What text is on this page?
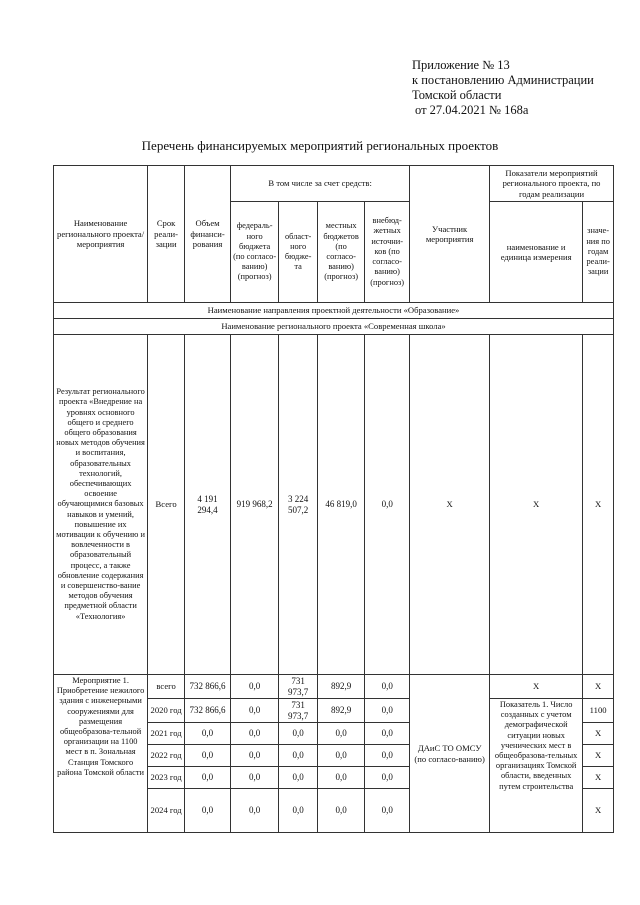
Приложение № 13
к постановлению Администрации
Томской области
от 27.04.2021 № 168а
Перечень финансируемых мероприятий региональных проектов
Наименование регионального проекта/ мероприятия	Срок реали-зации	Объем финанси-рования	В том числе за счет средств:				Участник мероприятия	Показатели мероприятий регионального проекта, по годам реализации	
			федераль-ного бюджета (по согласо-ванию) (прогноз)	област-ного бюдже-та	местных бюджетов (по согласо-ванию) (прогноз)	внебюд-жетных источни-ков (по согласо-ванию) (прогноз)		наименование и единица измерения	значе-ния по годам реали-зации

Наименование направления проектной деятельности «Образование»									
Наименование регионального проекта «Современная школа»									
Результат регионального проекта «Внедрение на уровнях основного общего и среднего общего образования новых методов обучения и воспитания, образовательных технологий, обеспечивающих освоение обучающимися базовых навыков и умений, повышение их мотивации к обучению и вовлеченности в образовательный процесс, а также обновление содержания и совершенство-вание методов обучения предметной области «Технология»	Всего	4 191 294,4	919 968,2	3 224 507,2	46 819,0	0,0	Х	Х	Х
Мероприятие 1. Приобретение нежилого здания с инженерными сооружениями для размещения общеобразова-тельной организации на 1100 мест в п. Зональная Станция Томского района Томской области	всего	732 866,6	0,0	731 973,7	892,9	0,0	ДАиС ТО ОМСУ (по согласо-ванию)	Х	Х
	2020 год	732 866,6	0,0	731 973,7	892,9	0,0		Показатель 1. Число созданных с учетом демографической ситуации новых ученических мест в общеобразова-тельных организациях Томской области, введенных путем строительства	1100
	2021 год	0,0	0,0	0,0	0,0	0,0			Х
	2022 год	0,0	0,0	0,0	0,0	0,0			Х
	2023 год	0,0	0,0	0,0	0,0	0,0			Х
	2024 год	0,0	0,0	0,0	0,0	0,0			Х
